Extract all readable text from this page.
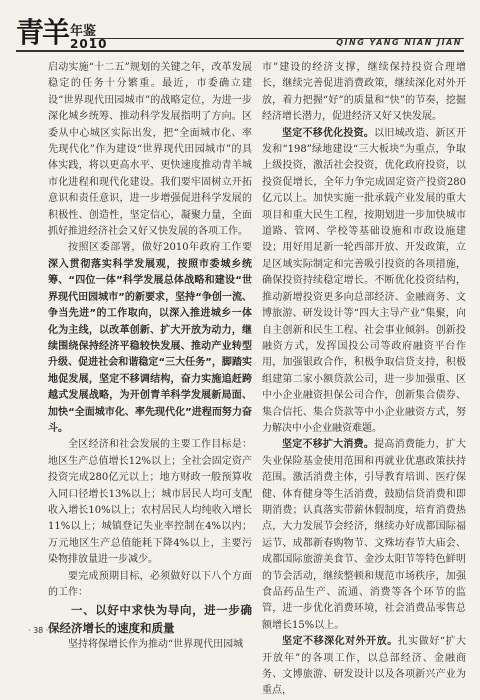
青羊 年鉴
2010	QING YANG NIAN JIAN

启动实施“十二五”规划的关键之年，改革发展稳定的任务十分繁重。最近，市委确立建设“世界现代田园城市”的战略定位，为进一步深化城乡统筹、推动科学发展指明了方向。区委从中心城区实际出发，把“全面城市化、率先现代化”作为建设“世界现代田园城市”的具体实践，将以更高水平、更快速度推动青羊城市化进程和现代化建设。我们要牢固树立开拓意识和责任意识，进一步增强促进科学发展的积极性、创造性，坚定信心，凝聚力量，全面抓好推进经济社会又好又快发展的各项工作。

按照区委部署，做好2010年政府工作要深入贯彻落实科学发展观，按照市委城乡统筹、“四位一体”科学发展总体战略和建设“世界现代田园城市”的新要求，坚持“争创一流、争当先进”的工作取向，以深入推进城乡一体化为主线，以改革创新、扩大开放为动力，继续围绕保持经济平稳较快发展、推动产业转型升级、促进社会和谐稳定“三大任务”，脚踏实地促发展，坚定不移调结构，奋力实施追赶跨越式发展战略，为开创青羊科学发展新局面、加快“全面城市化、率先现代化”进程而努力奋斗。

全区经济和社会发展的主要工作目标是：地区生产总值增长12%以上；全社会固定资产投资完成280亿元以上；地方财政一般预算收入同口径增长13%以上；城市居民人均可支配收入增长10%以上；农村居民人均纯收入增长11%以上；城镇登记失业率控制在4%以内；万元地区生产总值能耗下降4%以上，主要污染物排放量进一步减少。

要完成预期目标，必须做好以下八个方面的工作：

一、以好中求快为导向，进一步确保经济增长的速度和质量

坚持将保增长作为推动“世界现代田园城

市”建设的经济支撑，继续保持投资合理增长，继续完善促进消费政策，继续深化对外开放，着力把握“好”的质量和“快”的节奏，挖掘经济增长潜力，促进经济又好又快发展。

坚定不移优化投资。以旧城改造、新区开发和“198”绿地建设“三大板块”为重点，争取上级投资，激活社会投资，优化政府投资，以投资促增长，全年力争完成固定资产投资280亿元以上。加快实施一批承载产业发展的重大项目和重大民生工程，按期划进一步加快城市道路、管网、学校等基础设施和市政设施建设；用好用足新一轮西部开放、开发政策，立足区域实际制定和完善吸引投资的各项措施，确保投资持续稳定增长。不断优化投资结构，推动新增投资更多向总部经济、金融商务、文博旅游、研发设计等“四大主导产业”集聚，向自主创新和民生工程、社会事业倾斜。创新投融资方式，发挥国投公司等政府融资平台作用，加强银政合作，积极争取信贷支持，积极组建第二家小额贷款公司，进一步加强重、区中小企业融资担保公司合作，创新集合债券、集合信托、集合贷款等中小企业融资方式，努力解决中小企业融资难题。

坚定不移扩大消费。提高消费能力，扩大失业保险基金使用范围和再就业优惠政策扶持范围。激活消费主体，引导教育培训、医疗保健、体育健身等生活消费，鼓励信贷消费和即期消费；认真落实带薪休假制度，培育消费热点，大力发展节会经济，继续办好成都国际福运节、成都新春购物节、文殊坊春节大庙会、成都国际旅游美食节、金沙太阳节等特色鲜明的节会活动，继续整顿和规范市场秩序，加强食品药品生产、流通、消费等各个环节的监管，进一步优化消费环境，社会消费品零售总额增长15%以上。

坚定不移深化对外开放。扎实做好“扩大开放年”的各项工作，以总部经济、金融商务、文博旅游、研发设计以及各项新兴产业为重点，

· 38 ·
